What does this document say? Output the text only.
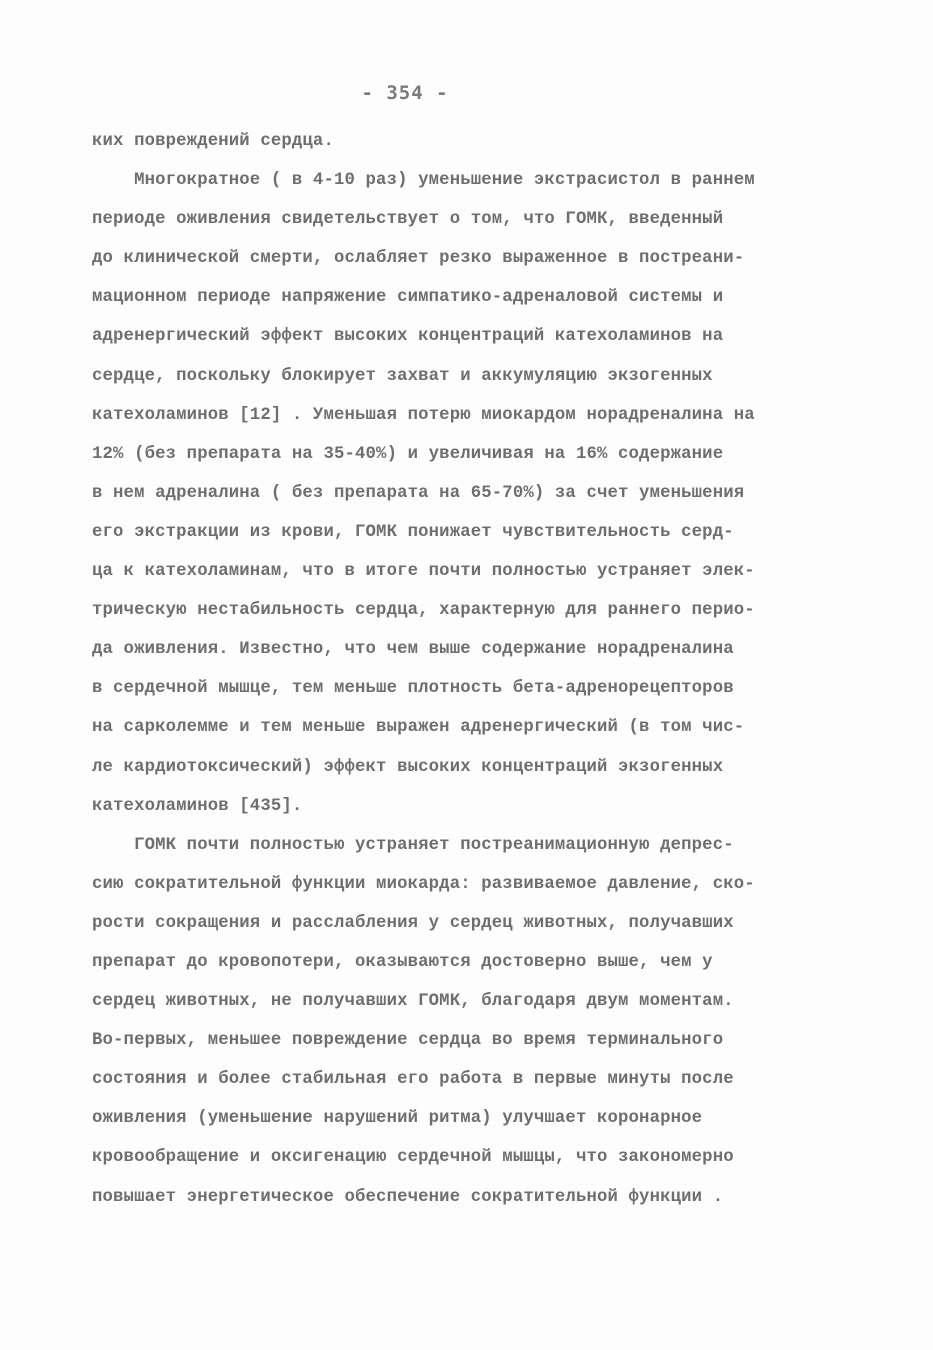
- 354 -
ких повреждений сердца.
Многократное ( в 4-10 раз) уменьшение экстрасистол в раннем
периоде оживления свидетельствует о том, что ГОМК, введенный
до клинической смерти, ослабляет резко выраженное в постреани-
мационном периоде напряжение симпатико-адреналовой системы и
адренергический эффект высоких концентраций катехоламинов на
сердце, поскольку блокирует захват и аккумуляцию экзогенных
катехоламинов [12] . Уменьшая потерю миокардом норадреналина на
12% (без препарата на 35-40%) и увеличивая на 16% содержание
в нем адреналина ( без препарата на 65-70%) за счет уменьшения
его экстракции из крови, ГОМК понижает чувствительность серд-
ца к катехоламинам, что в итоге почти полностью устраняет элек-
трическую нестабильность сердца, характерную для раннего перио-
да оживления. Известно, что чем выше содержание норадреналина
в сердечной мышце, тем меньше плотность бета-адренорецепторов
на сарколемме и тем меньше выражен адренергический (в том чис-
ле кардиотоксический) эффект высоких концентраций экзогенных
катехоламинов [435].
ГОМК почти полностью устраняет постреанимационную депрес-
сию сократительной функции миокарда: развиваемое давление, ско-
рости сокращения и расслабления у сердец животных, получавших
препарат до кровопотери, оказываются достоверно выше, чем у
сердец животных, не получавших ГОМК, благодаря двум моментам.
Во-первых, меньшее повреждение сердца во время терминального
состояния и более стабильная его работа в первые минуты после
оживления (уменьшение нарушений ритма) улучшает коронарное
кровообращение и оксигенацию сердечной мышцы, что закономерно
повышает энергетическое обеспечение сократительной функции .
